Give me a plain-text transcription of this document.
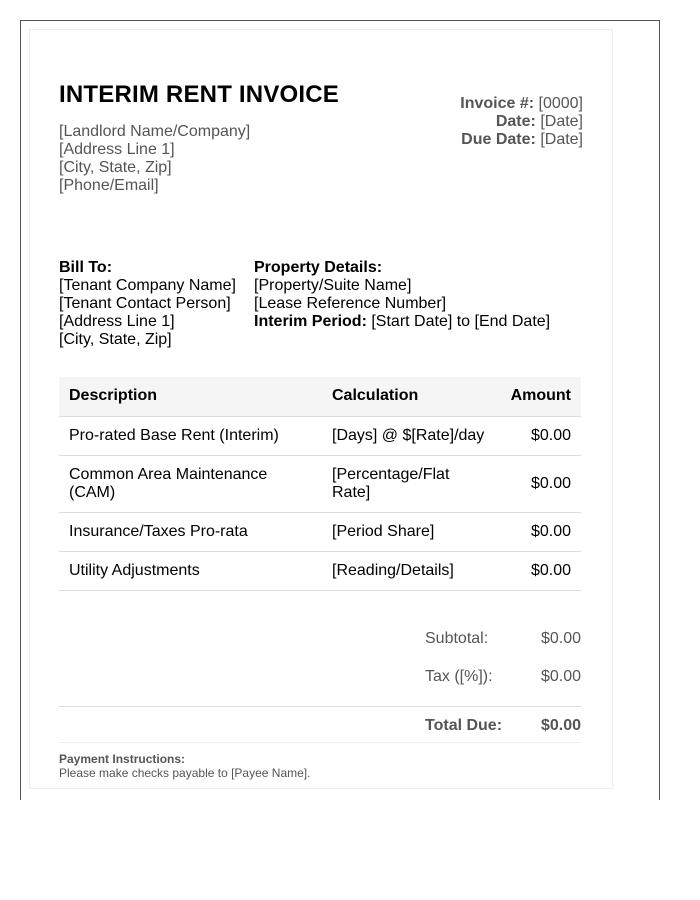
INTERIM RENT INVOICE
[Landlord Name/Company]
[Address Line 1]
[City, State, Zip]
[Phone/Email]
Invoice #: [0000]
Date: [Date]
Due Date: [Date]
Bill To:
[Tenant Company Name]
[Tenant Contact Person]
[Address Line 1]
[City, State, Zip]
Property Details:
[Property/Suite Name]
[Lease Reference Number]
Interim Period: [Start Date] to [End Date]
Description	Calculation	Amount
Pro-rated Base Rent (Interim)	[Days] @ $[Rate]/day	$0.00
Common Area Maintenance (CAM)	[Percentage/Flat Rate]	$0.00
Insurance/Taxes Pro-rata	[Period Share]	$0.00
Utility Adjustments	[Reading/Details]	$0.00
Subtotal:	$0.00
Tax ([%]):	$0.00
Total Due: $0.00
Payment Instructions:
Please make checks payable to [Payee Name].
